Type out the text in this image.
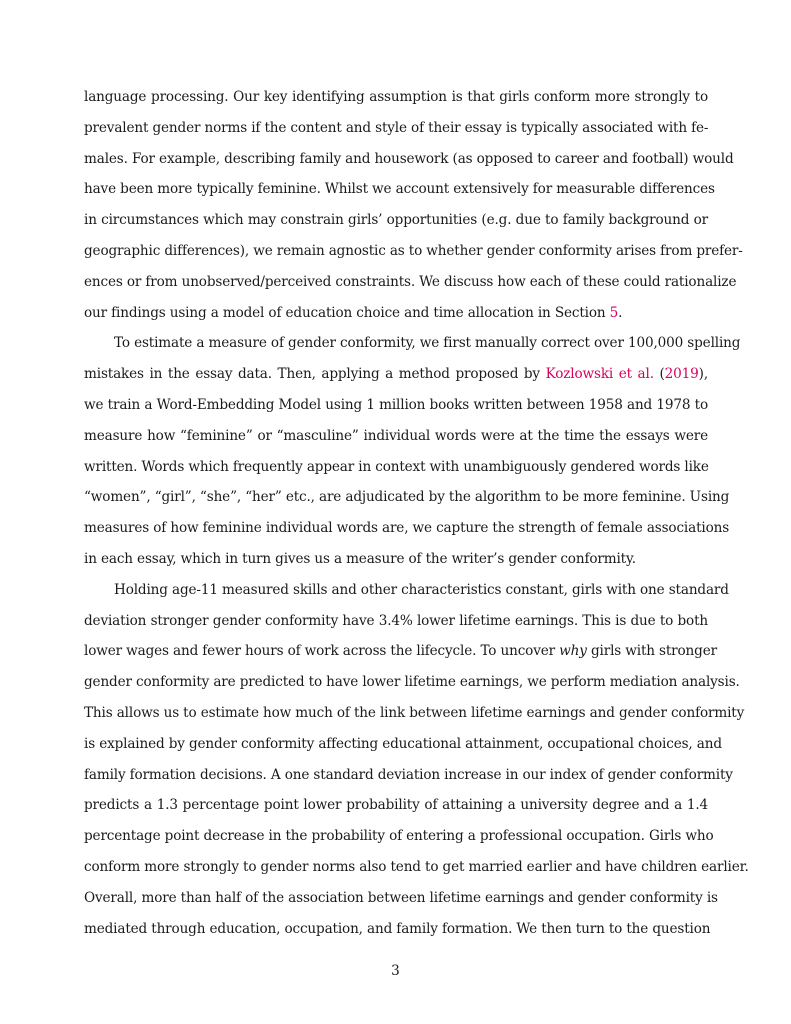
language processing. Our key identifying assumption is that girls conform more strongly to
prevalent gender norms if the content and style of their essay is typically associated with fe-
males. For example, describing family and housework (as opposed to career and football) would
have been more typically feminine. Whilst we account extensively for measurable differences
in circumstances which may constrain girls’ opportunities (e.g. due to family background or
geographic differences), we remain agnostic as to whether gender conformity arises from prefer-
ences or from unobserved/perceived constraints. We discuss how each of these could rationalize
our findings using a model of education choice and time allocation in Section 5.
To estimate a measure of gender conformity, we first manually correct over 100,000 spelling
mistakes in the essay data. Then, applying a method proposed by Kozlowski et al. (2019),
we train a Word-Embedding Model using 1 million books written between 1958 and 1978 to
measure how “feminine” or “masculine” individual words were at the time the essays were
written. Words which frequently appear in context with unambiguously gendered words like
“women”, “girl”, “she”, “her” etc., are adjudicated by the algorithm to be more feminine. Using
measures of how feminine individual words are, we capture the strength of female associations
in each essay, which in turn gives us a measure of the writer’s gender conformity.
Holding age-11 measured skills and other characteristics constant, girls with one standard
deviation stronger gender conformity have 3.4% lower lifetime earnings. This is due to both
lower wages and fewer hours of work across the lifecycle. To uncover why girls with stronger
gender conformity are predicted to have lower lifetime earnings, we perform mediation analysis.
This allows us to estimate how much of the link between lifetime earnings and gender conformity
is explained by gender conformity affecting educational attainment, occupational choices, and
family formation decisions. A one standard deviation increase in our index of gender conformity
predicts a 1.3 percentage point lower probability of attaining a university degree and a 1.4
percentage point decrease in the probability of entering a professional occupation. Girls who
conform more strongly to gender norms also tend to get married earlier and have children earlier.
Overall, more than half of the association between lifetime earnings and gender conformity is
mediated through education, occupation, and family formation. We then turn to the question
3
